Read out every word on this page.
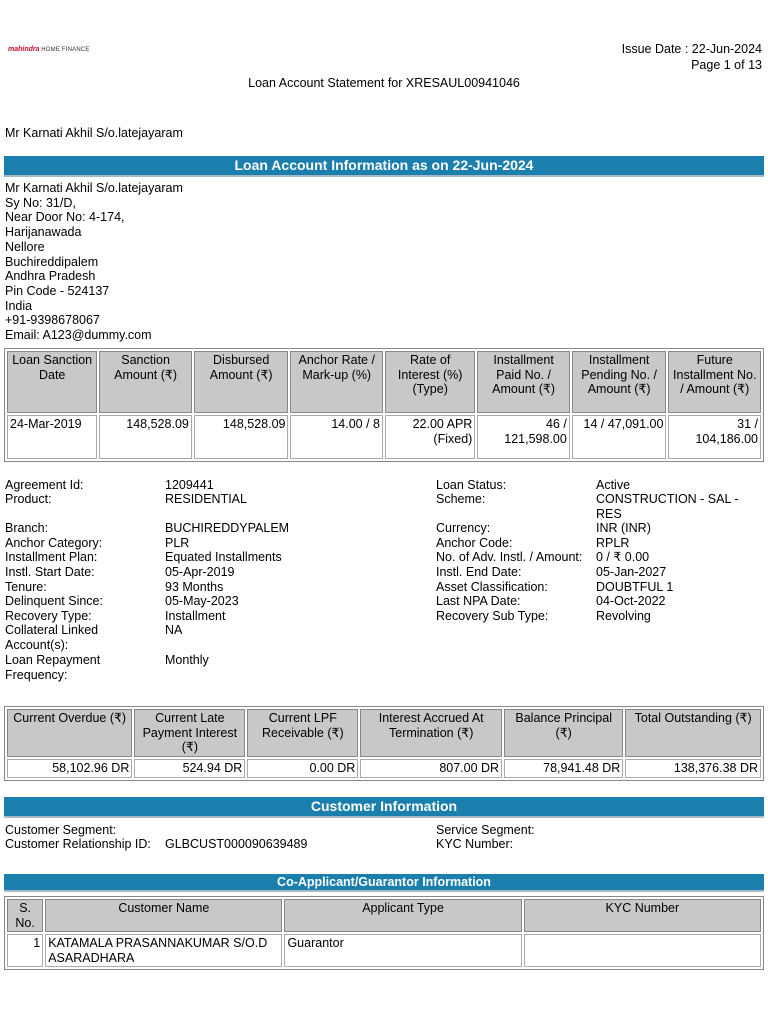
mahindra HOME FINANCE	Issue Date : 22-Jun-2024
Page 1 of 13
Loan Account Statement for XRESAUL00941046
Mr Karnati Akhil S/o.latejayaram
Loan Account Information as on 22-Jun-2024
Mr Karnati Akhil S/o.latejayaram
Sy No: 31/D,
Near Door No: 4-174,
Harijanawada
Nellore
Buchireddipalem
Andhra Pradesh
Pin Code - 524137
India
+91-9398678067
Email: A123@dummy.com
Loan Sanction Date	Sanction Amount (₹)	Disbursed Amount (₹)	Anchor Rate / Mark-up (%)	Rate of Interest (%) (Type)	Installment Paid No. / Amount (₹)	Installment Pending No. / Amount (₹)	Future Installment No. / Amount (₹)
24-Mar-2019	148,528.09	148,528.09	14.00 / 8	22.00 APR (Fixed)	46 / 121,598.00	14 / 47,091.00	31 / 104,186.00
Agreement Id:	1209441
Product:	RESIDENTIAL
Branch:	BUCHIREDDYPALEM
Anchor Category:	PLR
Installment Plan:	Equated Installments
Instl. Start Date:	05-Apr-2019
Tenure:	93 Months
Delinquent Since:	05-May-2023
Recovery Type:	Installment
Collateral Linked Account(s):
NA
Loan Repayment Frequency:
Monthly
Loan Status:	Active
Scheme:	CONSTRUCTION - SAL - RES
Currency:	INR (INR)
Anchor Code:	RPLR
No. of Adv. Instl. / Amount: 0 / ₹ 0.00
Instl. End Date:	05-Jan-2027
Asset Classification:	DOUBTFUL 1
Last NPA Date:	04-Oct-2022
Recovery Sub Type:	Revolving
Current Overdue (₹)	Current Late Payment Interest (₹)	Current LPF Receivable (₹)	Interest Accrued At Termination (₹)	Balance Principal (₹)	Total Outstanding (₹)
58,102.96 DR	524.94 DR	0.00 DR	807.00 DR	78,941.48 DR	138,376.38 DR
Customer Information
Customer Segment:
Customer Relationship ID: GLBCUST000090639489
Service Segment:
KYC Number:
Co-Applicant/Guarantor Information
S. No.	Customer Name	Applicant Type	KYC Number
1	KATAMALA PRASANNAKUMAR S/O.D ASARADHARA	Guarantor	
